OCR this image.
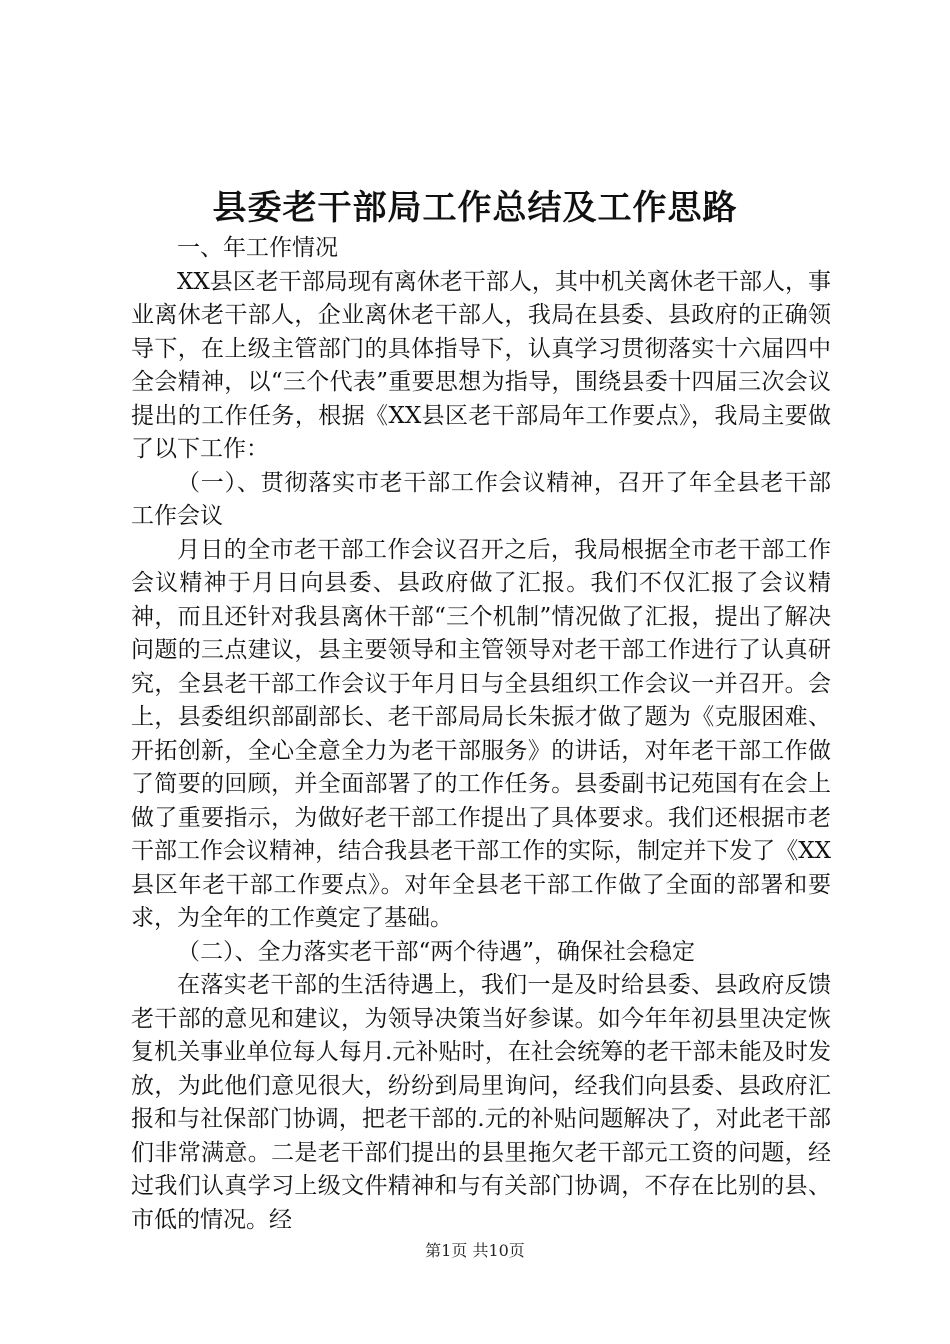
县委老干部局工作总结及工作思路

一、年工作情况

XX县区老干部局现有离休老干部人，其中机关离休老干部人，事业离休老干部人，企业离休老干部人，我局在县委、县政府的正确领导下，在上级主管部门的具体指导下，认真学习贯彻落实十六届四中全会精神，以“三个代表”重要思想为指导，围绕县委十四届三次会议提出的工作任务，根据《XX县区老干部局年工作要点》，我局主要做了以下工作：

（一）、贯彻落实市老干部工作会议精神，召开了年全县老干部工作会议

月日的全市老干部工作会议召开之后，我局根据全市老干部工作会议精神于月日向县委、县政府做了汇报。我们不仅汇报了会议精神，而且还针对我县离休干部“三个机制”情况做了汇报，提出了解决问题的三点建议，县主要领导和主管领导对老干部工作进行了认真研究，全县老干部工作会议于年月日与全县组织工作会议一并召开。会上，县委组织部副部长、老干部局局长朱振才做了题为《克服困难、开拓创新，全心全意全力为老干部服务》的讲话，对年老干部工作做了简要的回顾，并全面部署了的工作任务。县委副书记苑国有在会上做了重要指示，为做好老干部工作提出了具体要求。我们还根据市老干部工作会议精神，结合我县老干部工作的实际，制定并下发了《XX县区年老干部工作要点》。对年全县老干部工作做了全面的部署和要求，为全年的工作奠定了基础。

（二）、全力落实老干部“两个待遇”，确保社会稳定

在落实老干部的生活待遇上，我们一是及时给县委、县政府反馈老干部的意见和建议，为领导决策当好参谋。如今年年初县里决定恢复机关事业单位每人每月.元补贴时，在社会统筹的老干部未能及时发放，为此他们意见很大，纷纷到局里询问，经我们向县委、县政府汇报和与社保部门协调，把老干部的.元的补贴问题解决了，对此老干部们非常满意。二是老干部们提出的县里拖欠老干部元工资的问题，经过我们认真学习上级文件精神和与有关部门协调，不存在比别的县、市低的情况。经

第1页 共10页
